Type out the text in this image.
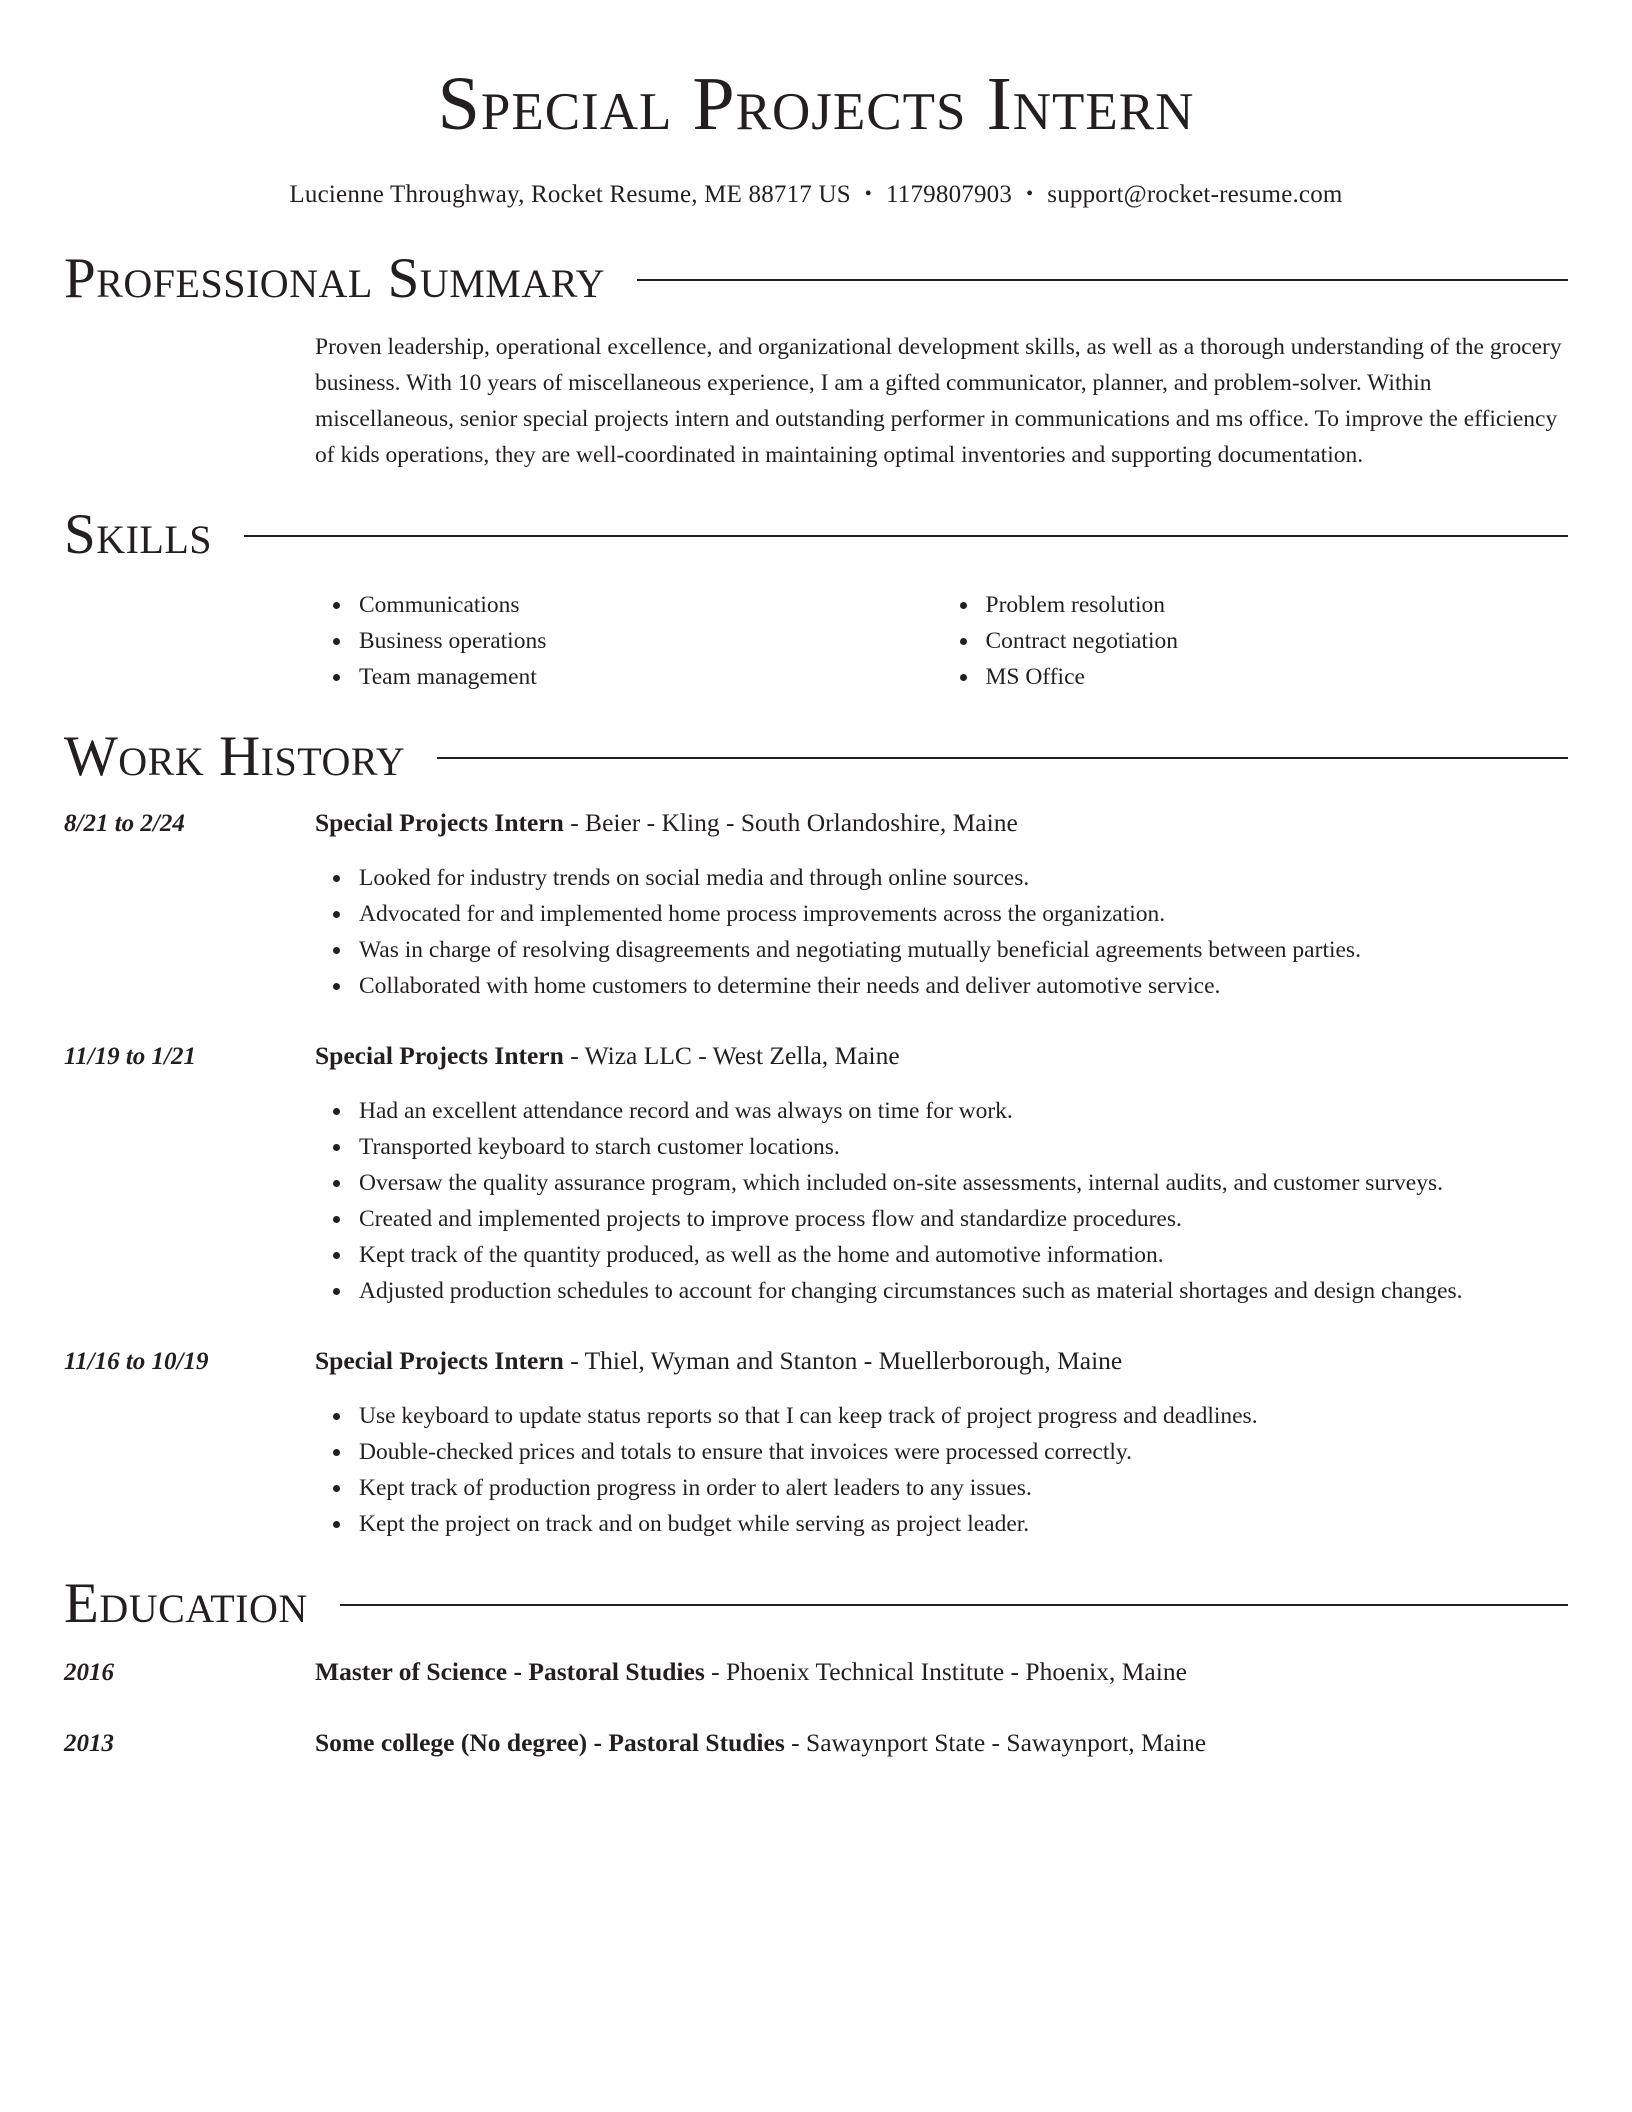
Special Projects Intern
Lucienne Throughway, Rocket Resume, ME 88717 US • 1179807903 • support@rocket-resume.com
Professional Summary
Proven leadership, operational excellence, and organizational development skills, as well as a thorough understanding of the grocery business. With 10 years of miscellaneous experience, I am a gifted communicator, planner, and problem-solver. Within miscellaneous, senior special projects intern and outstanding performer in communications and ms office. To improve the efficiency of kids operations, they are well-coordinated in maintaining optimal inventories and supporting documentation.
Skills
Communications
Business operations
Team management
Problem resolution
Contract negotiation
MS Office
Work History
8/21 to 2/24	Special Projects Intern - Beier - Kling - South Orlandoshire, Maine
Looked for industry trends on social media and through online sources.
Advocated for and implemented home process improvements across the organization.
Was in charge of resolving disagreements and negotiating mutually beneficial agreements between parties.
Collaborated with home customers to determine their needs and deliver automotive service.
11/19 to 1/21	Special Projects Intern - Wiza LLC - West Zella, Maine
Had an excellent attendance record and was always on time for work.
Transported keyboard to starch customer locations.
Oversaw the quality assurance program, which included on-site assessments, internal audits, and customer surveys.
Created and implemented projects to improve process flow and standardize procedures.
Kept track of the quantity produced, as well as the home and automotive information.
Adjusted production schedules to account for changing circumstances such as material shortages and design changes.
11/16 to 10/19	Special Projects Intern - Thiel, Wyman and Stanton - Muellerborough, Maine
Use keyboard to update status reports so that I can keep track of project progress and deadlines.
Double-checked prices and totals to ensure that invoices were processed correctly.
Kept track of production progress in order to alert leaders to any issues.
Kept the project on track and on budget while serving as project leader.
Education
2016	Master of Science - Pastoral Studies - Phoenix Technical Institute - Phoenix, Maine
2013	Some college (No degree) - Pastoral Studies - Sawaynport State - Sawaynport, Maine
